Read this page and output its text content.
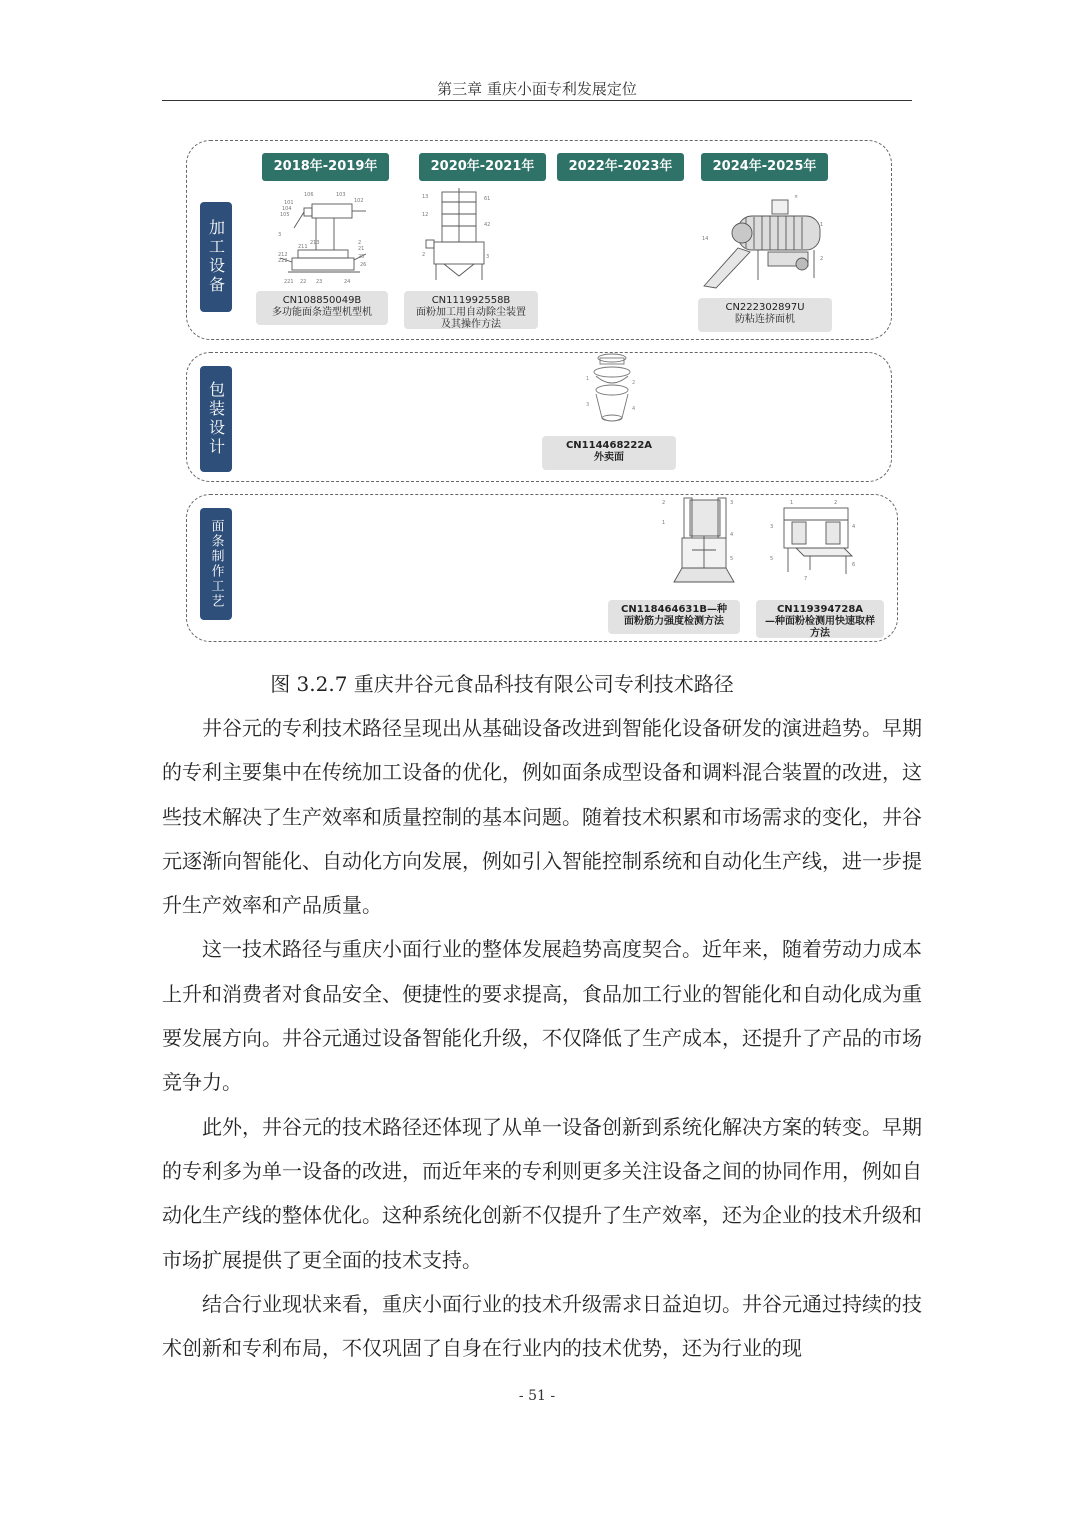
第三章 重庆小面专利发展定位
2018年-2019年	2020年-2021年	2022年-2023年	2024年-2025年
加工设备
包装设计
面条制作工艺
106	103
101
104
105
102
3
213
211
212
222
2
21
25
26
221 22 23	24
13	61
12
42
2	3
×
14
1
2
1
2
3
4
2	3
1
4
5
1	2
3	4
5
6
7
CN108850049B
多功能面条造型机型机
CN111992558B
面粉加工用自动除尘装置及其操作方法
CN222302897U
防粘连挤面机
CN114468222A
外卖面
CN118464631B—种
面粉筋力强度检测方法
CN119394728A
—种面粉检测用快速取样方法
图 3.2.7 重庆井谷元食品科技有限公司专利技术路径

井谷元的专利技术路径呈现出从基础设备改进到智能化设备研发的演进趋势。早期的专利主要集中在传统加工设备的优化，例如面条成型设备和调料混合装置的改进，这些技术解决了生产效率和质量控制的基本问题。随着技术积累和市场需求的变化，井谷元逐渐向智能化、自动化方向发展，例如引入智能控制系统和自动化生产线，进一步提升生产效率和产品质量。

这一技术路径与重庆小面行业的整体发展趋势高度契合。近年来，随着劳动力成本上升和消费者对食品安全、便捷性的要求提高，食品加工行业的智能化和自动化成为重要发展方向。井谷元通过设备智能化升级，不仅降低了生产成本，还提升了产品的市场竞争力。

此外，井谷元的技术路径还体现了从单一设备创新到系统化解决方案的转变。早期的专利多为单一设备的改进，而近年来的专利则更多关注设备之间的协同作用，例如自动化生产线的整体优化。这种系统化创新不仅提升了生产效率，还为企业的技术升级和市场扩展提供了更全面的技术支持。

结合行业现状来看，重庆小面行业的技术升级需求日益迫切。井谷元通过持续的技术创新和专利布局，不仅巩固了自身在行业内的技术优势，还为行业的现

- 51 -
